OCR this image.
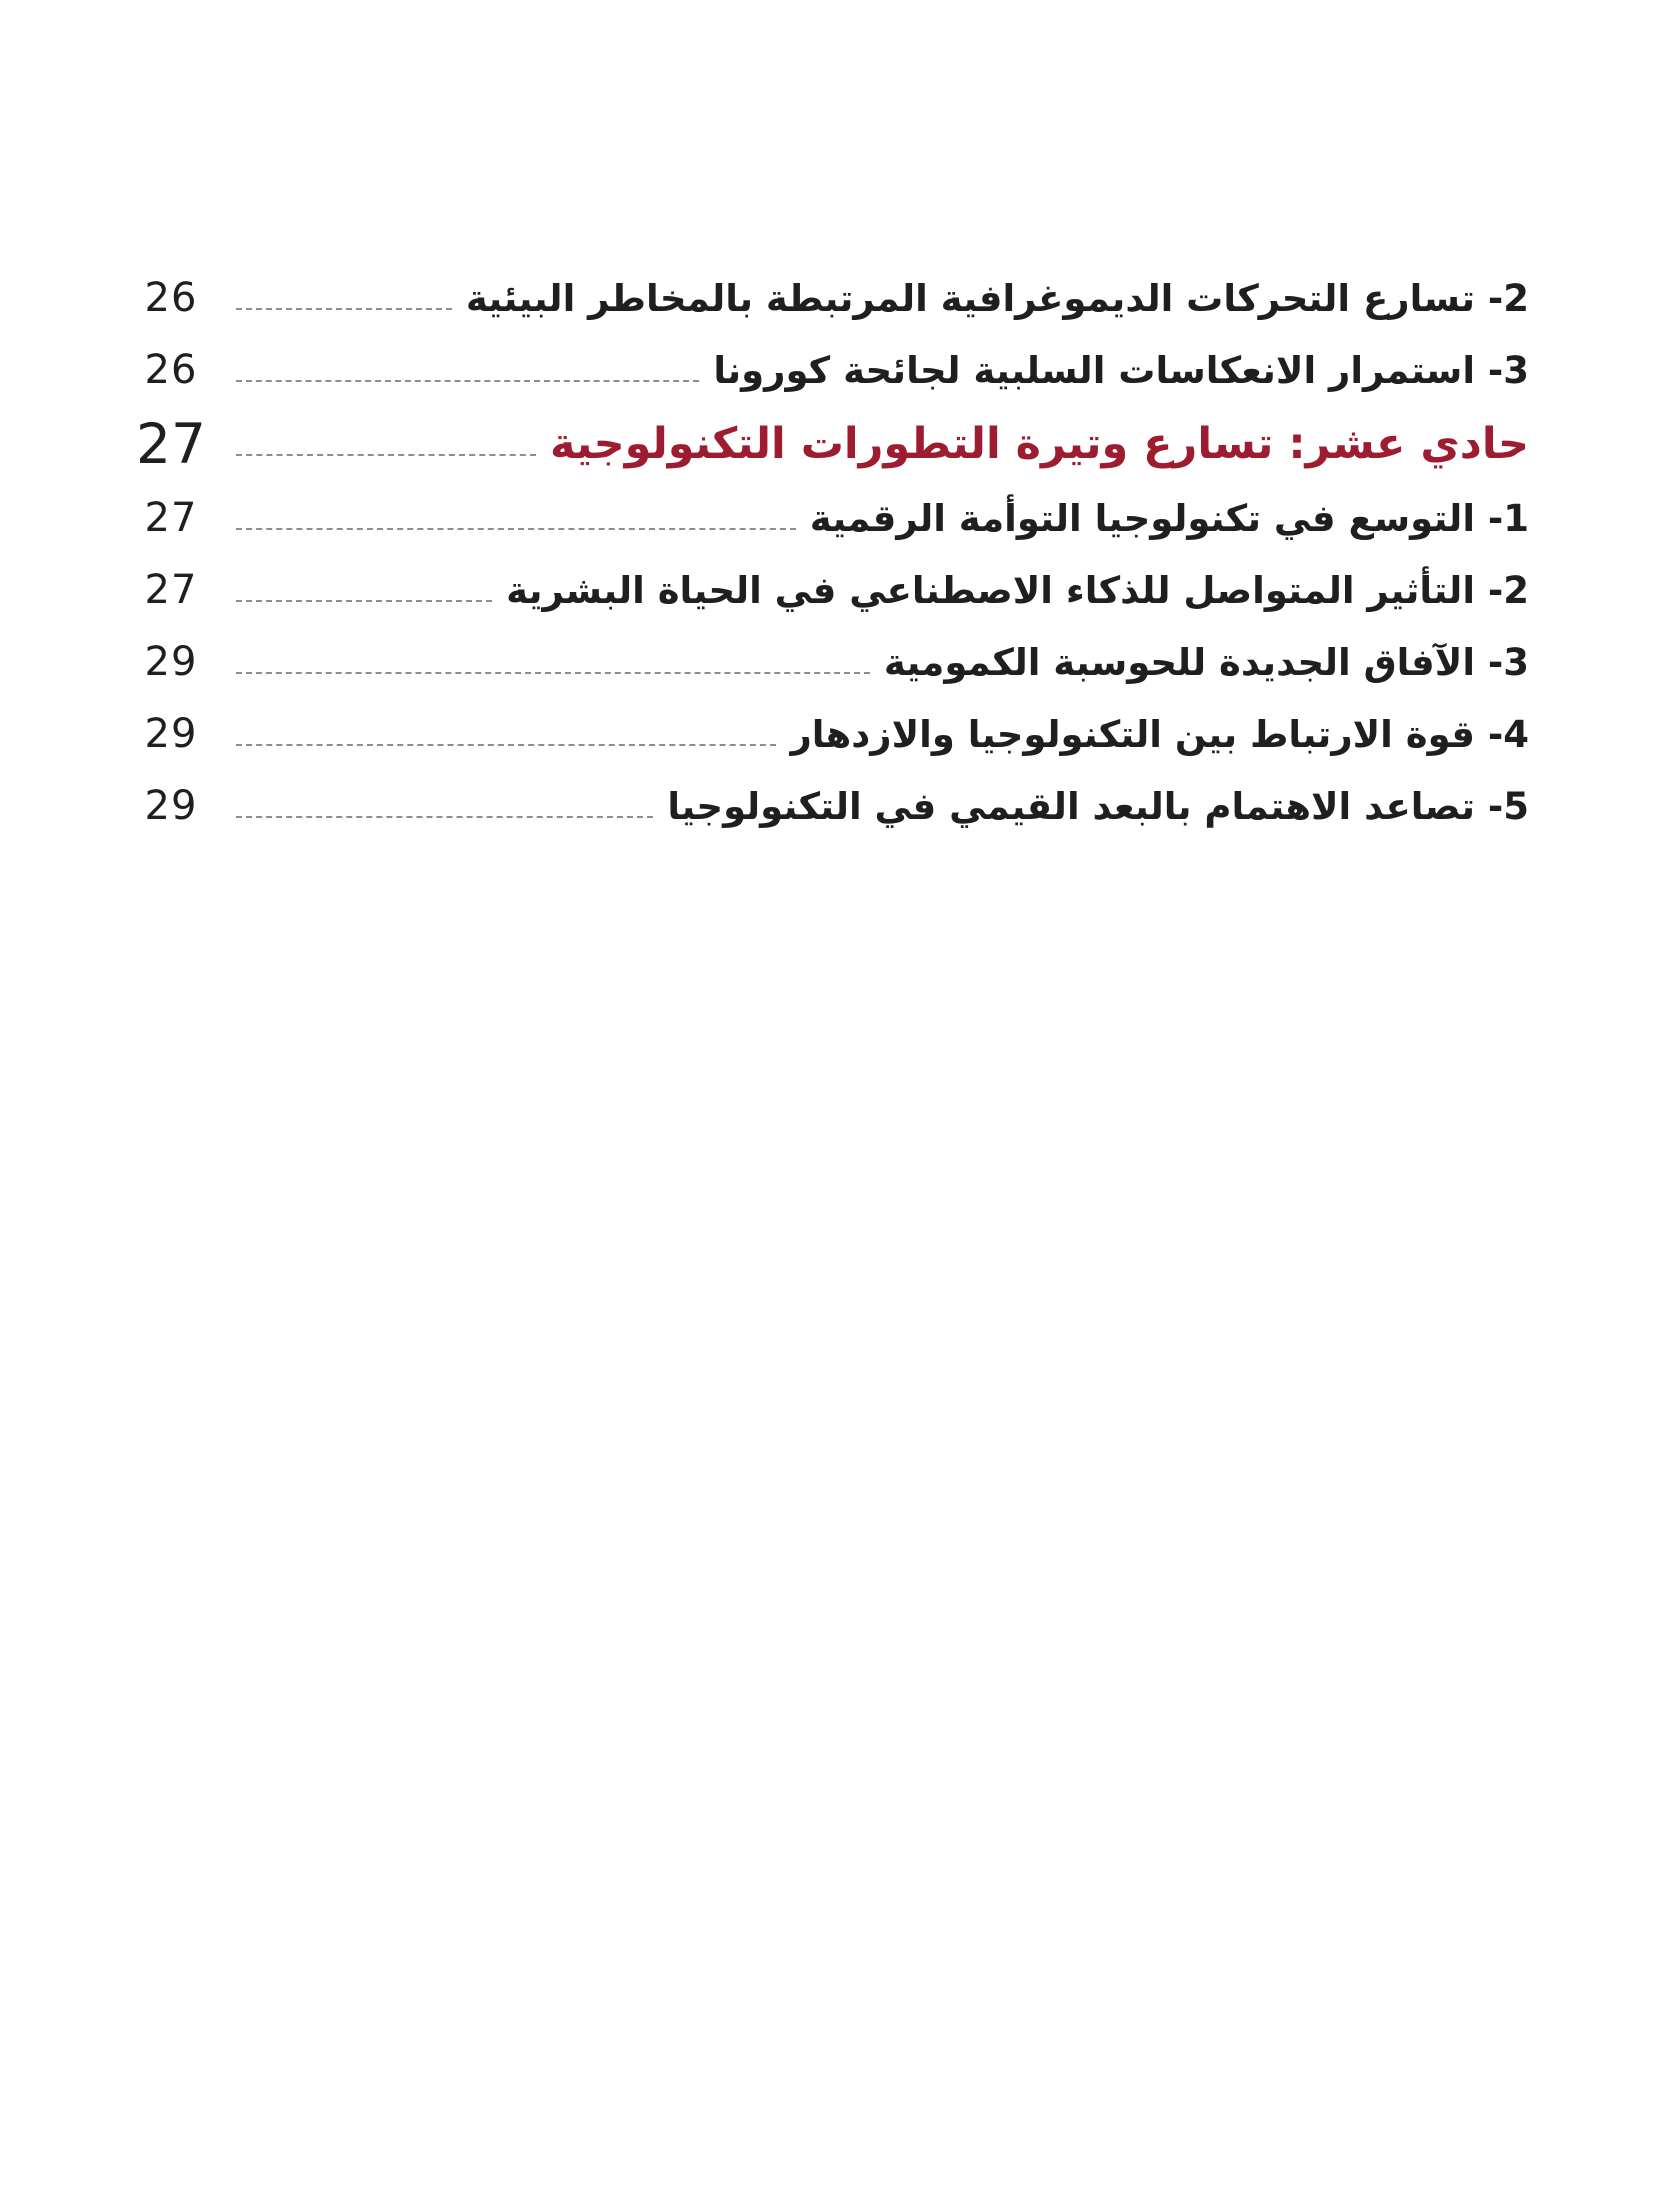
2- تسارع التحركات الديموغرافية المرتبطة بالمخاطر البيئية
26
3- استمرار الانعكاسات السلبية لجائحة كورونا
26
حادي عشر: تسارع وتيرة التطورات التكنولوجية
27
1- التوسع في تكنولوجيا التوأمة الرقمية
27
2- التأثير المتواصل للذكاء الاصطناعي في الحياة البشرية
27
3- الآفاق الجديدة للحوسبة الكمومية
29
4- قوة الارتباط بين التكنولوجيا والازدهار
29
5- تصاعد الاهتمام بالبعد القيمي في التكنولوجيا
29
